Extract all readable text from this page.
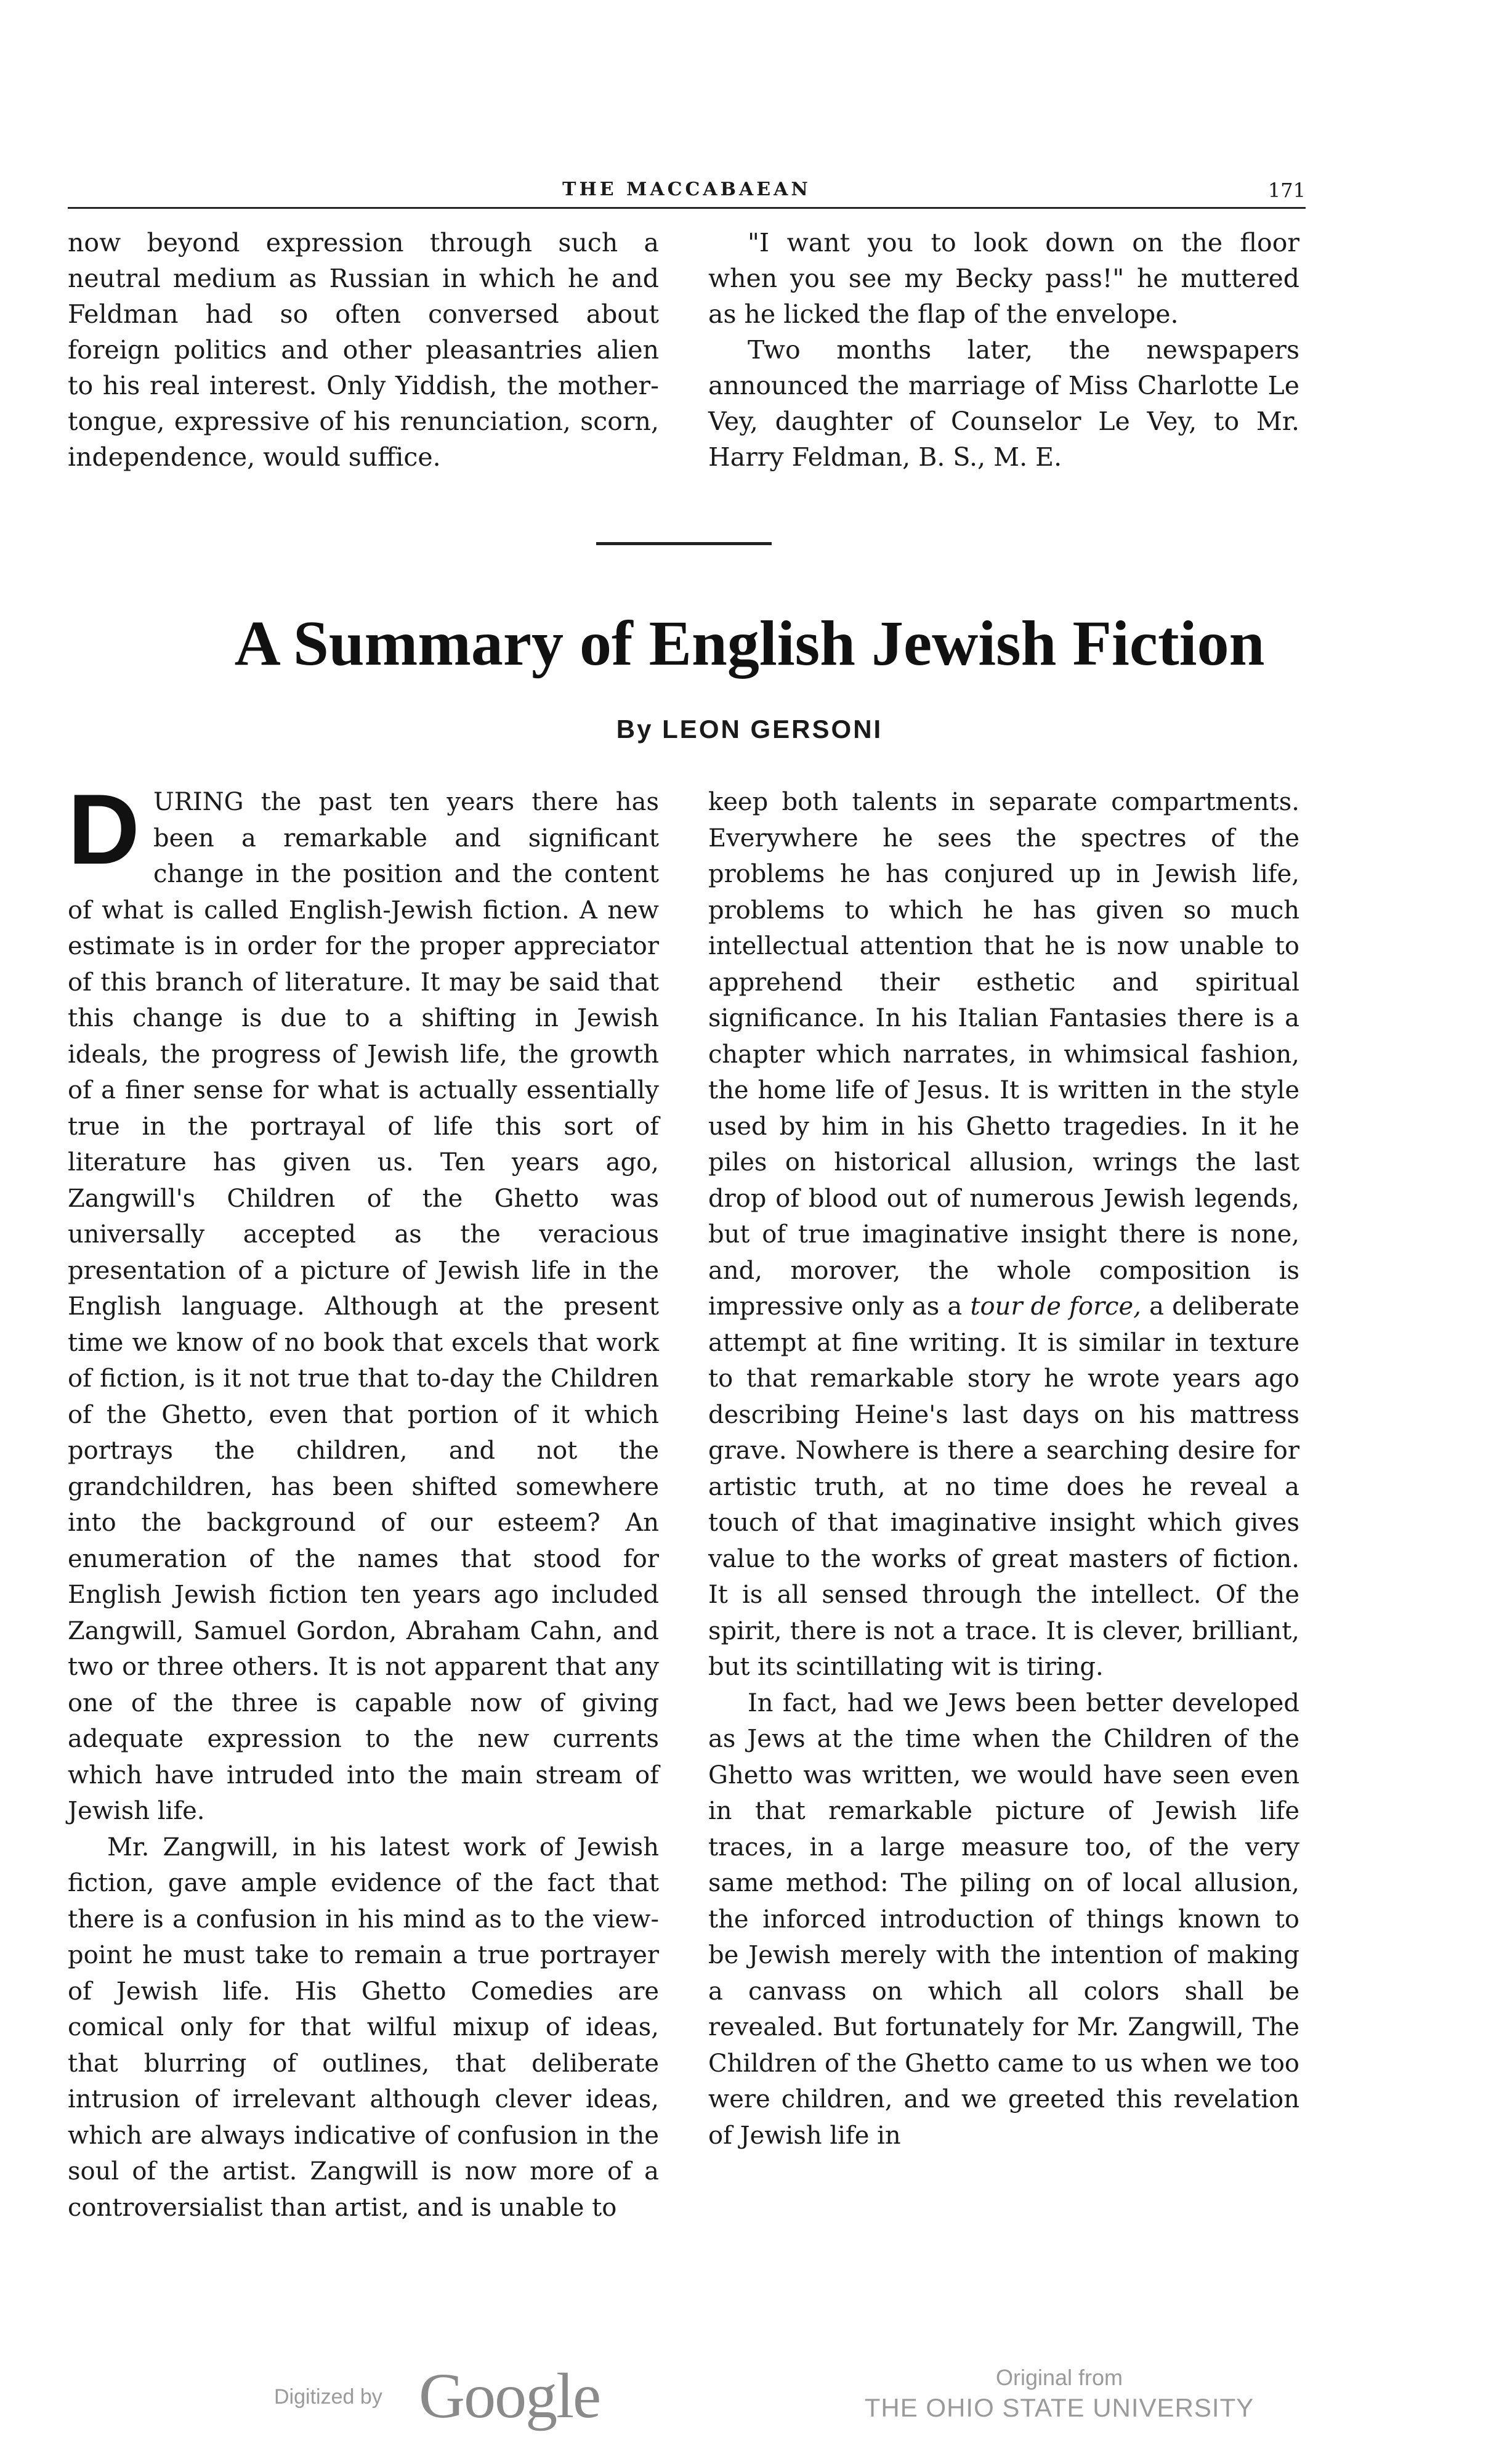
THE MACCABAEAN	171

now beyond expression through such a neutral medium as Russian in which he and Feldman had so often conversed about foreign politics and other pleasantries alien to his real interest. Only Yiddish, the mother-tongue, expressive of his renunciation, scorn, independence, would suffice.

"I want you to look down on the floor when you see my Becky pass!" he muttered as he licked the flap of the envelope.

Two months later, the newspapers announced the marriage of Miss Charlotte Le Vey, daughter of Counselor Le Vey, to Mr. Harry Feldman, B. S., M. E.

A Summary of English Jewish Fiction

By LEON GERSONI

DURING the past ten years there has been a remarkable and significant change in the position and the content of what is called English-Jewish fiction. A new estimate is in order for the proper appreciator of this branch of literature. It may be said that this change is due to a shifting in Jewish ideals, the progress of Jewish life, the growth of a finer sense for what is actually essentially true in the portrayal of life this sort of literature has given us. Ten years ago, Zangwill's Children of the Ghetto was universally accepted as the veracious presentation of a picture of Jewish life in the English language. Although at the present time we know of no book that excels that work of fiction, is it not true that to-day the Children of the Ghetto, even that portion of it which portrays the children, and not the grandchildren, has been shifted somewhere into the background of our esteem? An enumeration of the names that stood for English Jewish fiction ten years ago included Zangwill, Samuel Gordon, Abraham Cahn, and two or three others. It is not apparent that any one of the three is capable now of giving adequate expression to the new currents which have intruded into the main stream of Jewish life.

Mr. Zangwill, in his latest work of Jewish fiction, gave ample evidence of the fact that there is a confusion in his mind as to the view-point he must take to remain a true portrayer of Jewish life. His Ghetto Comedies are comical only for that wilful mixup of ideas, that blurring of outlines, that deliberate intrusion of irrelevant although clever ideas, which are always indicative of confusion in the soul of the artist. Zangwill is now more of a controversialist than artist, and is unable to

keep both talents in separate compartments. Everywhere he sees the spectres of the problems he has conjured up in Jewish life, problems to which he has given so much intellectual attention that he is now unable to apprehend their esthetic and spiritual significance. In his Italian Fantasies there is a chapter which narrates, in whimsical fashion, the home life of Jesus. It is written in the style used by him in his Ghetto tragedies. In it he piles on historical allusion, wrings the last drop of blood out of numerous Jewish legends, but of true imaginative insight there is none, and, morover, the whole composition is impressive only as a tour de force, a deliberate attempt at fine writing. It is similar in texture to that remarkable story he wrote years ago describing Heine's last days on his mattress grave. Nowhere is there a searching desire for artistic truth, at no time does he reveal a touch of that imaginative insight which gives value to the works of great masters of fiction. It is all sensed through the intellect. Of the spirit, there is not a trace. It is clever, brilliant, but its scintillating wit is tiring.

In fact, had we Jews been better developed as Jews at the time when the Children of the Ghetto was written, we would have seen even in that remarkable picture of Jewish life traces, in a large measure too, of the very same method: The piling on of local allusion, the inforced introduction of things known to be Jewish merely with the intention of making a canvass on which all colors shall be revealed. But fortunately for Mr. Zangwill, The Children of the Ghetto came to us when we too were children, and we greeted this revelation of Jewish life in

Digitized by Google	Original from
THE OHIO STATE UNIVERSITY
